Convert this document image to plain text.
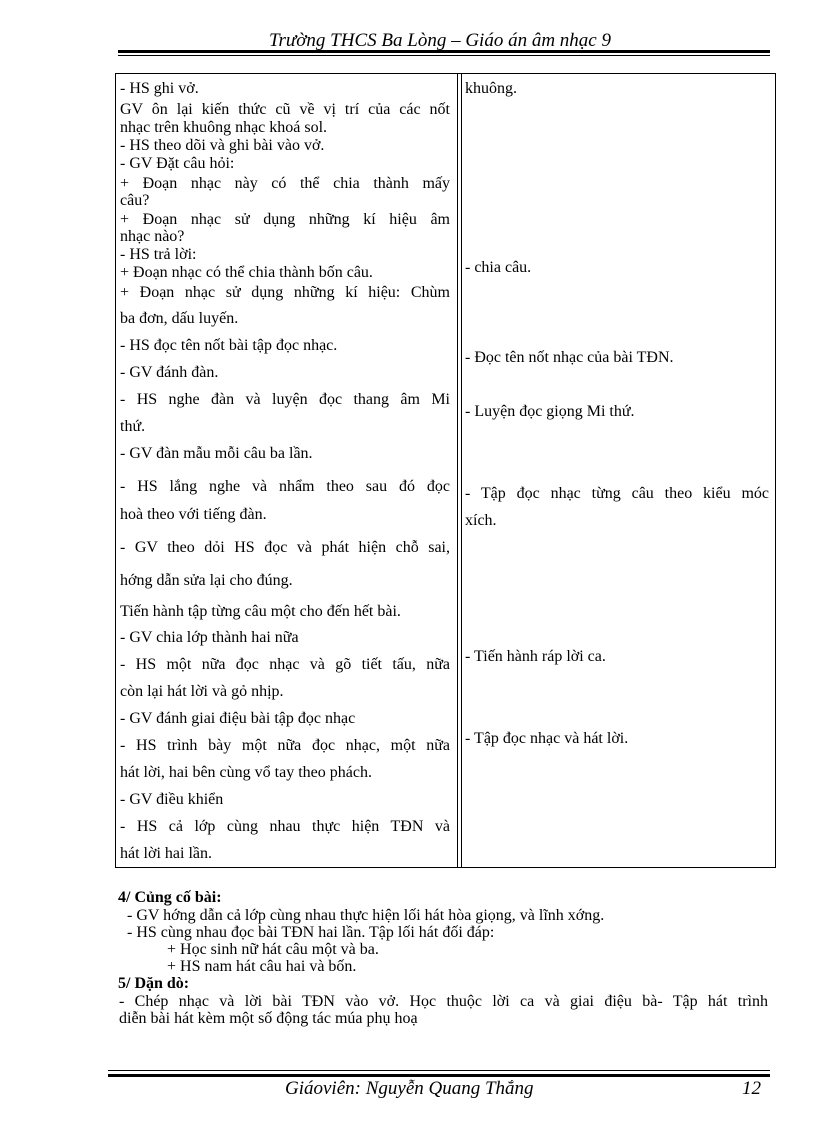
Trường THCS Ba Lòng – Giáo án âm nhạc 9
- HS ghi vở.
GV ôn lại kiến thức cũ về vị trí của các nốt
nhạc trên khuông nhạc khoá sol.
- HS theo dõi và ghi bài vào vở.
- GV Đặt câu hỏi:
+ Đoạn nhạc này có thể chia thành mấy
câu?
+ Đoạn nhạc sử dụng những kí hiệu âm
nhạc nào?
- HS trả lời:
+ Đoạn nhạc có thể chia thành bốn câu.
+ Đoạn nhạc sử dụng những kí hiệu: Chùm
ba đơn, dấu luyến.
- HS đọc tên nốt bài tập đọc nhạc.
- GV đánh đàn.
- HS nghe đàn và luyện đọc thang âm Mi
thứ.
- GV đàn mẫu mỗi câu ba lần.
- HS lắng nghe và nhẩm theo sau đó đọc
hoà theo với tiếng đàn.
- GV theo dỏi HS đọc và phát hiện chỗ sai,
hớng dẫn sửa lại cho đúng.
Tiến hành tập từng câu một cho đến hết bài.
- GV chia lớp thành hai nữa
- HS một nữa đọc nhạc và gõ tiết tấu, nữa
còn lại hát lời và gỏ nhịp.
- GV đánh giai điệu bài tập đọc nhạc
- HS trình bày một nữa đọc nhạc, một nữa
hát lời, hai bên cùng vổ tay theo phách.
- GV điều khiển
- HS cả lớp cùng nhau thực hiện TĐN và
hát lời hai lần.
khuông.
- chia câu.
- Đọc tên nốt nhạc của bài TĐN.
- Luyện đọc giọng Mi thứ.
- Tập đọc nhạc từng câu theo kiểu móc
xích.
- Tiến hành ráp lời ca.
- Tập đọc nhạc và hát lời.
4/ Củng cố bài:
- GV hớng dẫn cả lớp cùng nhau thực hiện lối hát hòa giọng, và lĩnh xớng.
- HS cùng nhau đọc bài TĐN hai lần. Tập lối hát đối đáp:
+ Học sinh nữ hát câu một và ba.
+ HS nam hát câu hai và bốn.
5/ Dặn dò:
- Chép nhạc và lời bài TĐN vào vở. Học thuộc lời ca và giai điệu bà- Tập hát trình
diễn bài hát kèm một số động tác múa phụ hoạ
Giáoviên: Nguyễn Quang Thắng	12
